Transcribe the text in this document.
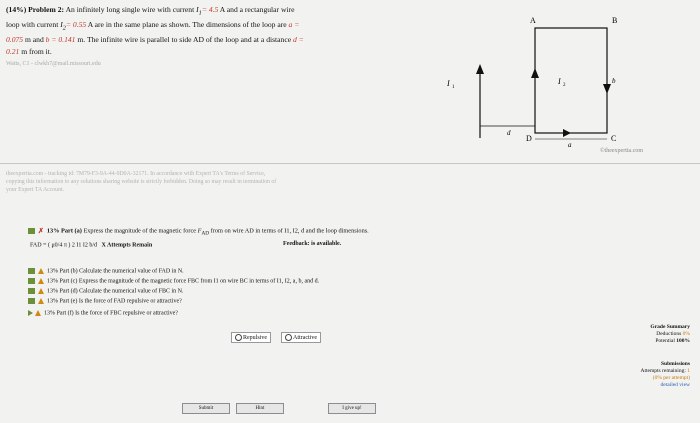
(14%) Problem 2: An infinitely long single wire with current $I_1= 4.5$ A and a rectangular wire
loop with current $I_2= 0.55$ A are in the same plane as shown. The dimensions of the loop are a =
0.075 m and b = 0.141 m. The infinite wire is parallel to side AD of the loop and at a distance d =
0.21 m from it.
Watts, C1 - clwkh7@mail.missouri.edu
A	B
C
D
a
b
d
I 1
I 2
©theexpertta.com
theexpertta.com - tracking id: 7M79-F3-9A-44-9D0A-32171. In accordance with Expert TA's Terms of Service,
copying this information to any solutions sharing website is strictly forbidden. Doing so may result in termination of
your Expert TA Account.
✗ 13% Part (a) Express the magnitude of the magnetic force $F_{AD}$ from on wire AD in terms of I1, I2, d and the loop dimensions.
FAD = ( μ0/4 π ) 2 I1 I2 b/d X Attempts Remain	Feedback: is available.
13% Part (b) Calculate the numerical value of FAD in N.
13% Part (c) Express the magnitude of the magnetic force FBC from I1 on wire BC in terms of I1, I2, a, b, and d.
13% Part (d) Calculate the numerical value of FBC in N.
13% Part (e) Is the force of FAD repulsive or attractive?
13% Part (f) Is the force of FBC repulsive or attractive?
Repulsive	Attractive
Grade Summary
Deductions 0%
Potential 100%
Submissions
Attempts remaining: 1
(0% per attempt)
detailed view
Submit	Hint	I give up!
